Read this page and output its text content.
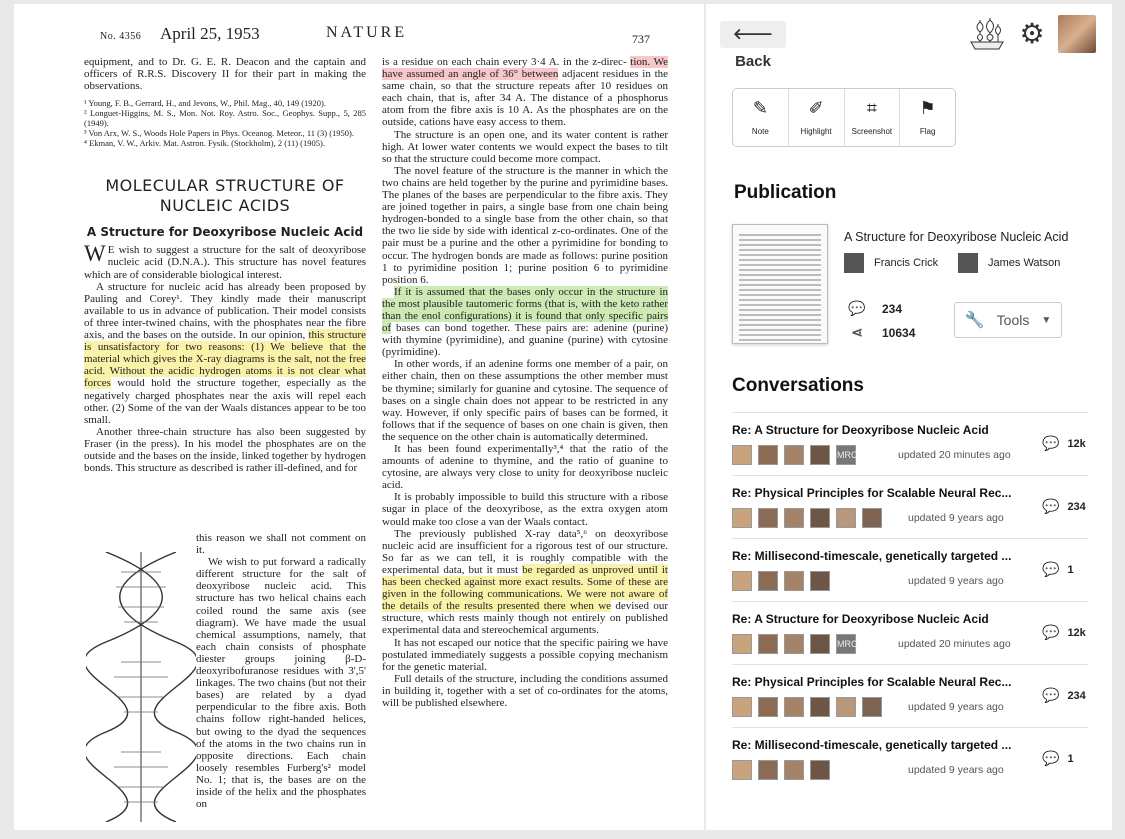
No. 4356 April 25, 1953	NATURE	737

equipment, and to Dr. G. E. R. Deacon and the captain and officers of R.R.S. Discovery II for their part in making the observations.

¹ Young, F. B., Gerrard, H., and Jevons, W., Phil. Mag., 40, 149 (1920).

² Longuet-Higgins, M. S., Mon. Not. Roy. Astro. Soc., Geophys. Supp., 5, 285 (1949).

³ Von Arx, W. S., Woods Hole Papers in Phys. Oceanog. Meteor., 11 (3) (1950).

⁴ Ekman, V. W., Arkiv. Mat. Astron. Fysik. (Stockholm), 2 (11) (1905).

MOLECULAR STRUCTURE OF NUCLEIC ACIDS

A Structure for Deoxyribose Nucleic Acid

W E wish to suggest a structure for the salt of deoxyribose nucleic acid (D.N.A.). This structure has novel features which are of considerable biological interest.

A structure for nucleic acid has already been proposed by Pauling and Corey¹. They kindly made their manuscript available to us in advance of publication. Their model consists of three inter-twined chains, with the phosphates near the fibre axis, and the bases on the outside. In our opinion, this structure is unsatisfactory for two reasons: (1) We believe that the material which gives the X-ray diagrams is the salt, not the free acid. Without the acidic hydrogen atoms it is not clear what forces would hold the structure together, especially as the negatively charged phosphates near the axis will repel each other. (2) Some of the van der Waals distances appear to be too small.

Another three-chain structure has also been suggested by Fraser (in the press). In his model the phosphates are on the outside and the bases on the inside, linked together by hydrogen bonds. This structure as described is rather ill-defined, and for

this reason we shall not comment on it.

We wish to put forward a radically different structure for the salt of deoxyribose nucleic acid. This structure has two helical chains each coiled round the same axis (see diagram). We have made the usual chemical assumptions, namely, that each chain consists of phosphate diester groups joining β-D-deoxyribofuranose residues with 3',5' linkages. The two chains (but not their bases) are related by a dyad perpendicular to the fibre axis. Both chains follow right-handed helices, but owing to the dyad the sequences of the atoms in the two chains run in opposite directions. Each chain loosely resembles Furberg's² model No. 1; that is, the bases are on the inside of the helix and the phosphates on

is a residue on each chain every 3·4 A. in the z-direc- tion. We have assumed an angle of 36° between adjacent residues in the same chain, so that the structure repeats after 10 residues on each chain, that is, after 34 A. The distance of a phosphorus atom from the fibre axis is 10 A. As the phosphates are on the outside, cations have easy access to them.

The structure is an open one, and its water content is rather high. At lower water contents we would expect the bases to tilt so that the structure could become more compact.

The novel feature of the structure is the manner in which the two chains are held together by the purine and pyrimidine bases. The planes of the bases are perpendicular to the fibre axis. They are joined together in pairs, a single base from one chain being hydrogen-bonded to a single base from the other chain, so that the two lie side by side with identical z-co-ordinates. One of the pair must be a purine and the other a pyrimidine for bonding to occur. The hydrogen bonds are made as follows: purine position 1 to pyrimidine position 1; purine position 6 to pyrimidine position 6.

If it is assumed that the bases only occur in the structure in the most plausible tautomeric forms (that is, with the keto rather than the enol configurations) it is found that only specific pairs of bases can bond together. These pairs are: adenine (purine) with thymine (pyrimidine), and guanine (purine) with cytosine (pyrimidine).

In other words, if an adenine forms one member of a pair, on either chain, then on these assumptions the other member must be thymine; similarly for guanine and cytosine. The sequence of bases on a single chain does not appear to be restricted in any way. However, if only specific pairs of bases can be formed, it follows that if the sequence of bases on one chain is given, then the sequence on the other chain is automatically determined.

It has been found experimentally³,⁴ that the ratio of the amounts of adenine to thymine, and the ratio of guanine to cytosine, are always very close to unity for deoxyribose nucleic acid.

It is probably impossible to build this structure with a ribose sugar in place of the deoxyribose, as the extra oxygen atom would make too close a van der Waals contact.

The previously published X-ray data⁵,⁶ on deoxyribose nucleic acid are insufficient for a rigorous test of our structure. So far as we can tell, it is roughly compatible with the experimental data, but it must be regarded as unproved until it has been checked against more exact results. Some of these are given in the following communications. We were not aware of the details of the results presented there when we devised our structure, which rests mainly though not entirely on published experimental data and stereochemical arguments.

It has not escaped our notice that the specific pairing we have postulated immediately suggests a possible copying mechanism for the genetic material.

Full details of the structure, including the conditions assumed in building it, together with a set of co-ordinates for the atoms, will be published elsewhere.

🡐 Back
⚙
✎
Note
✐
Highlight
⌗
Screenshot
⚑
Flag
Publication
A Structure for Deoxyribose Nucleic Acid
Francis Crick	James Watson
💬 234
⋖ 10634
🔧 Tools ▼
Conversations
Re: A Structure for Deoxyribose Nucleic Acid
MRC	updated 20 minutes ago
💬 12k
Re: Physical Principles for Scalable Neural Rec...
updated 9 years ago
💬 234
Re: Millisecond-timescale, genetically targeted ...
updated 9 years ago
💬 1
Re: A Structure for Deoxyribose Nucleic Acid
MRC	updated 20 minutes ago
💬 12k
Re: Physical Principles for Scalable Neural Rec...
updated 9 years ago
💬 234
Re: Millisecond-timescale, genetically targeted ...
updated 9 years ago
💬 1
